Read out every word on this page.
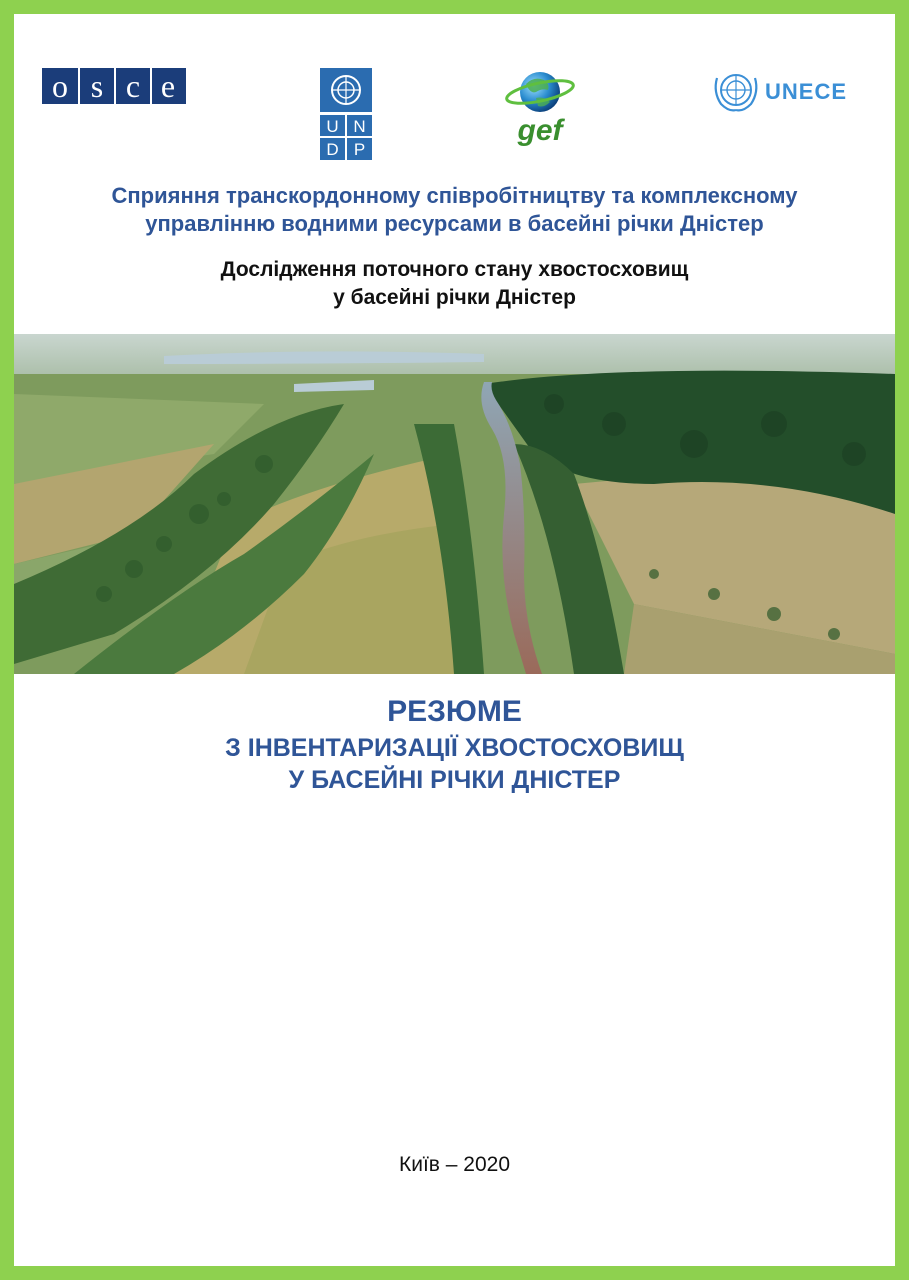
o s c e
U N
D P
gef
UNECE
Сприяння транскордонному співробітництву та комплексному
управлінню водними ресурсами в басейні річки Дністер
Дослідження поточного стану хвостосховищ
у басейні річки Дністер
РЕЗЮМЕ
З ІНВЕНТАРИЗАЦІЇ ХВОСТОСХОВИЩ
У БАСЕЙНІ РІЧКИ ДНІСТЕР
Київ – 2020
